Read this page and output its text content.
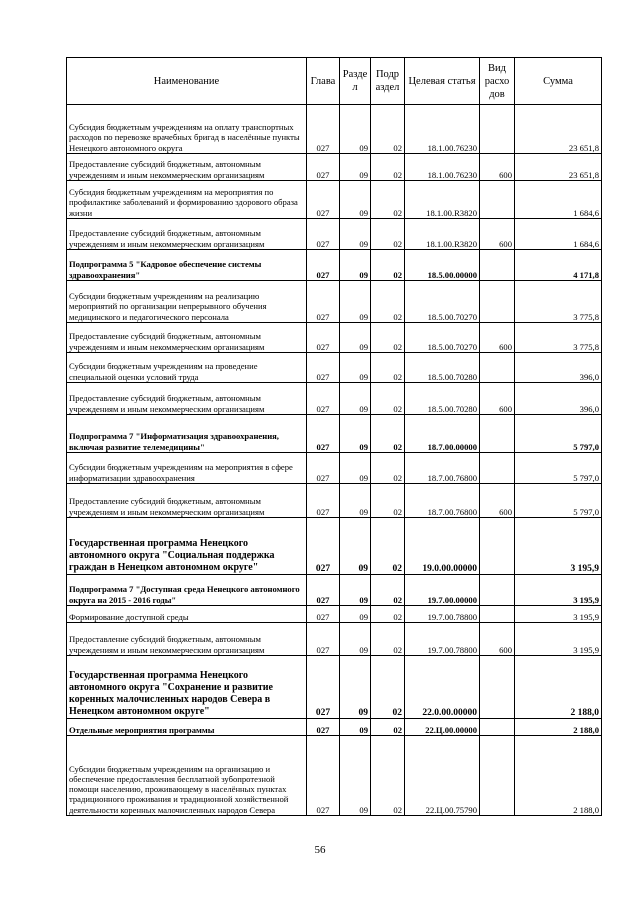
Наименование	Глава	Разде л	Подр аздел	Целевая статья	Вид расхо дов	Сумма
Субсидия бюджетным учреждениям на оплату транспортных расходов по перевозке врачебных бригад в населённые пункты Ненецкого автономного округа	027	09	02	18.1.00.76230		23 651,8
Предоставление субсидий бюджетным, автономным учреждениям и иным некоммерческим организациям	027	09	02	18.1.00.76230	600	23 651,8
Субсидия бюджетным учреждениям на мероприятия по профилактике заболеваний и формированию здорового образа жизни	027	09	02	18.1.00.R3820		1 684,6
Предоставление субсидий бюджетным, автономным учреждениям и иным некоммерческим организациям	027	09	02	18.1.00.R3820	600	1 684,6
Подпрограмма 5 "Кадровое обеспечение системы здравоохранения"	027	09	02	18.5.00.00000		4 171,8
Субсидии бюджетным учреждениям на реализацию мероприятий по организации непрерывного обучения медицинского и педагогического персонала	027	09	02	18.5.00.70270		3 775,8
Предоставление субсидий бюджетным, автономным учреждениям и иным некоммерческим организациям	027	09	02	18.5.00.70270	600	3 775,8
Субсидии бюджетным учреждениям на проведение специальной оценки условий труда	027	09	02	18.5.00.70280		396,0
Предоставление субсидий бюджетным, автономным учреждениям и иным некоммерческим организациям	027	09	02	18.5.00.70280	600	396,0
Подпрограмма 7 "Информатизация здравоохранения, включая развитие телемедицины"	027	09	02	18.7.00.00000		5 797,0
Субсидии бюджетным учреждениям на мероприятия в сфере информатизации здравоохранения	027	09	02	18.7.00.76800		5 797,0
Предоставление субсидий бюджетным, автономным учреждениям и иным некоммерческим организациям	027	09	02	18.7.00.76800	600	5 797,0
Государственная программа Ненецкого автономного округа "Социальная поддержка граждан в Ненецком автономном округе"	027	09	02	19.0.00.00000		3 195,9
Подпрограмма 7 "Доступная среда Ненецкого автономного округа на 2015 - 2016 годы"	027	09	02	19.7.00.00000		3 195,9
Формирование доступной среды	027	09	02	19.7.00.78800		3 195,9
Предоставление субсидий бюджетным, автономным учреждениям и иным некоммерческим организациям	027	09	02	19.7.00.78800	600	3 195,9
Государственная программа Ненецкого автономного округа "Сохранение и развитие коренных малочисленных народов Севера в Ненецком автономном округе"	027	09	02	22.0.00.00000		2 188,0
Отдельные мероприятия программы	027	09	02	22.Ц.00.00000		2 188,0
Субсидии бюджетным учреждениям на организацию и обеспечение предоставления бесплатной зубопротезной помощи населению, проживающему в населённых пунктах традиционного проживания и традиционной хозяйственной деятельности коренных малочисленных народов Севера	027	09	02	22.Ц.00.75790		2 188,0
56
